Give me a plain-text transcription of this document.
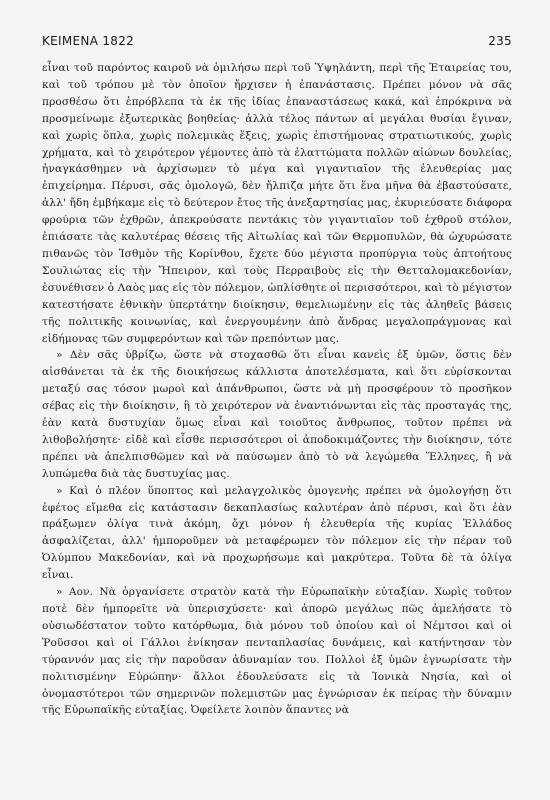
ΚΕΙΜΕΝΑ 1822	235

εἶναι τοῦ παρόντος καιροῦ νὰ ὁμιλήσω περὶ τοῦ Ὑψηλάντη, περὶ τῆς Ἑταιρείας του, καὶ τοῦ τρόπου μὲ τὸν ὁποῖον ἤρχισεν ἡ ἐπανάστασις. Πρέπει μόνον νὰ σᾶς προσθέσω ὅτι ἐπρόβλεπα τὰ ἐκ τῆς ἰδίας ἐπαναστάσεως κακά, καὶ ἐπρόκρινα νὰ προσμείνωμε ἐξωτερικὰς βοηθείας· ἀλλὰ τέλος πάντων αἱ μεγάλαι θυσίαι ἔγιναν, καὶ χωρὶς ὅπλα, χωρὶς πολεμικὰς ἕξεις, χωρὶς ἐπιστήμονας στρατιωτικούς, χωρὶς χρήματα, καὶ τὸ χειρότερον γέμοντες ἀπὸ τὰ ἐλαττώματα πολλῶν αἰώνων δουλείας, ἠναγκάσθημεν νὰ ἀρχίσωμεν τὸ μέγα καὶ γιγαντιαῖον τῆς ἐλευθερίας μας ἐπιχείρημα. Πέρυσι, σᾶς ὁμολογῶ, δὲν ἤλπιζα μήτε ὅτι ἕνα μῆνα θὰ ἐβαστούσατε, ἀλλ' ἤδη ἐμβήκαμε εἰς τὸ δεύτερον ἔτος τῆς ἀνεξαρτησίας μας, ἐκυριεύσατε διάφορα φρούρια τῶν ἐχθρῶν, ἀπεκρούσατε πεντάκις τὸν γιγαντιαῖον τοῦ ἐχθροῦ στόλον, ἐπιάσατε τὰς καλυτέρας θέσεις τῆς Αἰτωλίας καὶ τῶν Θερμοπυλῶν, θὰ ὠχυρώσατε πιθανῶς τὸν Ἰσθμὸν τῆς Κορίνθου, ἔχετε δύο μέγιστα προπύργια τοὺς ἀπτοήτους Σουλιώτας εἰς τὴν Ἤπειρον, καὶ τοὺς Περραιβοὺς εἰς τὴν Θετταλομακεδονίαν, ἐσυνέθισεν ὁ Λαὸς μας εἰς τὸν πόλεμον, ὡπλίσθητε οἱ περισσότεροι, καὶ τὸ μέγιστον κατεστήσατε ἐθνικὴν ὑπερτάτην διοίκησιν, θεμελιωμένην εἰς τὰς ἀληθεῖς βάσεις τῆς πολιτικῆς κοινωνίας, καὶ ἐνεργουμένην ἀπὸ ἄνδρας μεγαλοπράγμονας καὶ εἰδήμονας τῶν συμφερόντων καὶ τῶν πρεπόντων μας.

» Δὲν σᾶς ὑβρίζω, ὥστε νὰ στοχασθῶ ὅτι εἶναι κανεὶς ἐξ ὑμῶν, ὅστις δὲν αἰσθάνεται τὰ ἐκ τῆς διοικήσεως κάλλιστα ἀποτελέσματα, καὶ ὅτι εὑρίσκονται μεταξύ σας τόσον μωροὶ καὶ ἀπάνθρωποι, ὥστε νὰ μὴ προσφέρουν τὸ προσῆκον σέβας εἰς τὴν διοίκησιν, ἢ τὸ χειρότερον νὰ ἐναντιόνωνται εἰς τὰς προσταγάς της, ἐὰν κατὰ δυστυχίαν ὅμως εἶναι καὶ τοιοῦτος ἄνθρωπος, τοῦτον πρέπει νὰ λιθοβολήσητε· εἰδὲ καὶ εἶσθε περισσότεροι οἱ ἀποδοκιμάζοντες τὴν διοίκησιν, τότε πρέπει νὰ ἀπελπισθῶμεν καὶ νὰ παύσωμεν ἀπὸ τὸ νὰ λεγώμεθα Ἕλληνες, ἢ νὰ λυπώμεθα διὰ τὰς δυστυχίας μας.

» Καὶ ὁ πλέον ὕποπτος καὶ μελαγχολικὸς ὁμογενὴς πρέπει νὰ ὁμολογήσῃ ὅτι ἐφέτος εἴμεθα εἰς κατάστασιν δεκαπλασίως καλυτέραν ἀπὸ πέρυσι, καὶ ὅτι ἐὰν πράξωμεν ὀλίγα τινὰ ἀκόμη, ὄχι μόνον ἡ ἐλευθερία τῆς κυρίας Ἑλλάδος ἀσφαλίζεται, ἀλλ' ἠμποροῦμεν νὰ μεταφέρωμεν τὸν πόλεμον εἰς τὴν πέραν τοῦ Ὀλύμπου Μακεδονίαν, καὶ νὰ προχωρήσωμε καὶ μακρύτερα. Τοῦτα δὲ τὰ ὀλίγα εἶναι.

» Αον. Νὰ ὀργανίσετε στρατὸν κατὰ τὴν Εὐρωπαϊκὴν εὐταξίαν. Χωρὶς τοῦτον ποτὲ δὲν ἠμπορεῖτε νὰ ὑπερισχύσετε· καὶ ἀπορῶ μεγάλως πῶς ἀμελήσατε τὸ οὐσιωδέστατον τοῦτο κατόρθωμα, διὰ μόνου τοῦ ὁποίου καὶ οἱ Νέμτσοι καὶ οἱ Ῥοῦσσοι καὶ οἱ Γάλλοι ἐνίκησαν πενταπλασίας δυνάμεις, καὶ κατήντησαν τὸν τύραννόν μας εἰς τὴν παροῦσαν ἀδυναμίαν του. Πολλοὶ ἐξ ὑμῶν ἐγνωρίσατε τὴν πολιτισμένην Εὐρώπην· ἄλλοι ἐδουλεύσατε εἰς τὰ Ἰονικὰ Νησία, καὶ οἱ ὀνομαστότεροι τῶν σημερινῶν πολεμιστῶν μας ἐγνώρισαν ἐκ πείρας τὴν δύναμιν τῆς Εὐρωπαϊκῆς εὐταξίας. Ὀφείλετε λοιπὸν ἅπαντες νὰ
